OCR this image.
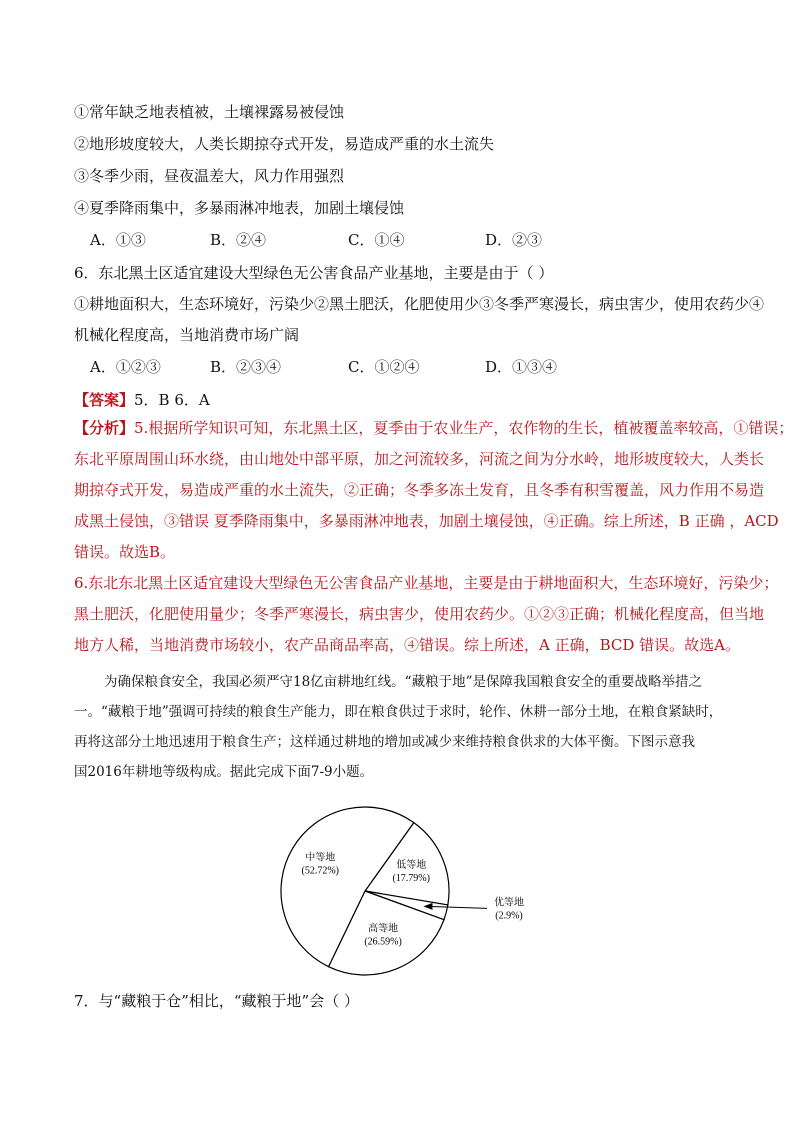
①常年缺乏地表植被，土壤裸露易被侵蚀
②地形坡度较大，人类长期掠夺式开发，易造成严重的水土流失
③冬季少雨，昼夜温差大，风力作用强烈
④夏季降雨集中，多暴雨淋冲地表，加剧土壤侵蚀
A．①③	B．②④	C．①④	D．②③
6．东北黑土区适宜建设大型绿色无公害食品产业基地，主要是由于（ ）
①耕地面积大，生态环境好，污染少②黑土肥沃，化肥使用少③冬季严寒漫长，病虫害少，使用农药少④
机械化程度高，当地消费市场广阔
A．①②③	B．②③④	C．①②④	D．①③④
【答案】5．B 6．A
【分析】5.根据所学知识可知，东北黑土区，夏季由于农业生产，农作物的生长，植被覆盖率较高，①错误；
东北平原周围山环水绕，由山地处中部平原，加之河流较多，河流之间为分水岭，地形坡度较大，人类长
期掠夺式开发，易造成严重的水土流失，②正确；冬季多冻土发育，且冬季有积雪覆盖，风力作用不易造
成黑土侵蚀，③错误 夏季降雨集中，多暴雨淋冲地表，加剧土壤侵蚀，④正确。综上所述，B 正确 ，ACD
错误。故选B。
6.东北东北黑土区适宜建设大型绿色无公害食品产业基地，主要是由于耕地面积大，生态环境好，污染少；
黑土肥沃，化肥使用量少；冬季严寒漫长，病虫害少，使用农药少。①②③正确；机械化程度高，但当地
地方人稀，当地消费市场较小，农产品商品率高，④错误。综上所述，A 正确，BCD 错误。故选A。
为确保粮食安全，我国必须严守18亿亩耕地红线。“藏粮于地”是保障我国粮食安全的重要战略举措之
一。“藏粮于地”强调可持续的粮食生产能力，即在粮食供过于求时，轮作、休耕一部分土地，在粮食紧缺时，
再将这部分土地迅速用于粮食生产；这样通过耕地的增加或减少来维持粮食供求的大体平衡。下图示意我
国2016年耕地等级构成。据此完成下面7-9小题。
中等地
(52.72%)
低等地
(17.79%)
高等地
(26.59%)
优等地
(2.9%)
7．与“藏粮于仓”相比，“藏粮于地”会（ ）
